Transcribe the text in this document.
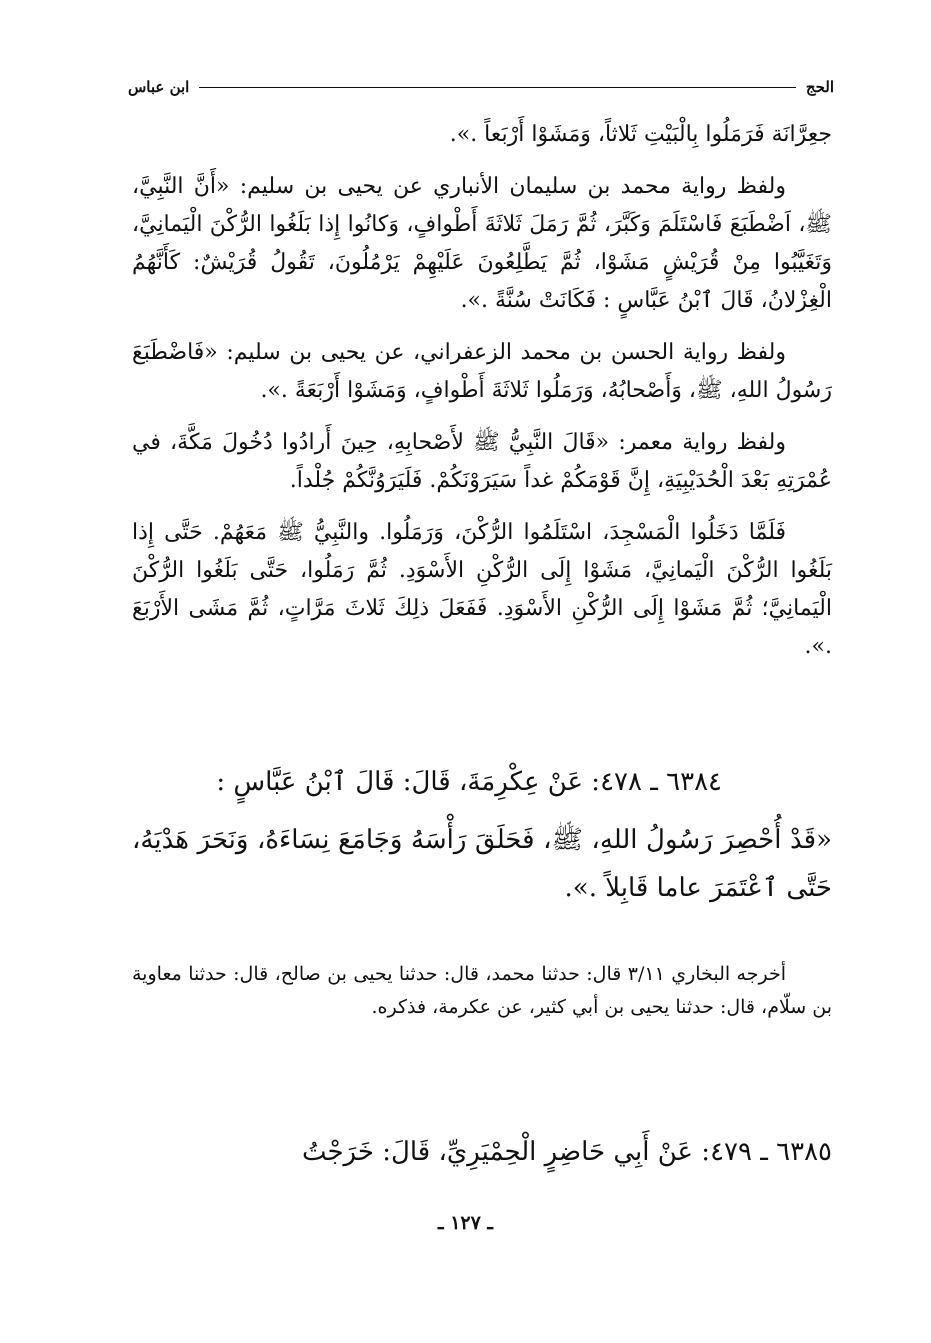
الحج
ابن عباس

جعِرَّانَة فَرَمَلُوا بِالْبَيْتِ ثَلاثاً، وَمَشَوْا أَرْبَعاً .».

ولفظ رواية محمد بن سليمان الأنباري عن يحيى بن سليم: «أَنَّ النَّبِيَّ، ﷺ، اَضْطَبَعَ فَاسْتَلَمَ وَكَبَّرَ، ثُمَّ رَمَلَ ثَلاثَةَ أَطْوافٍ، وَكانُوا إِذا بَلَغُوا الرُّكْنَ الْيَمانِيَّ، وَتَغَيَّبُوا مِنْ قُرَيْشٍ مَشَوْا، ثُمَّ يَطَّلِعُونَ عَلَيْهِمْ يَرْمُلُونَ، تَقُولُ قُرَيْشٌ: كَأَنَّهُمُ الْغِزْلانُ، قَالَ ٱبْنُ عَبَّاسٍ : فَكَانَتْ سُنَّةً .».

ولفظ رواية الحسن بن محمد الزعفراني، عن يحيى بن سليم: «فَاضْطَبَعَ رَسُولُ اللهِ، ﷺ، وَأَصْحابُهُ، وَرَمَلُوا ثَلاثَةَ أَطْوافٍ، وَمَشَوْا أَرْبَعَةً .».

ولفظ رواية معمر: «قَالَ النَّبِيُّ ﷺ لأَصْحابِهِ، حِينَ أَرادُوا دُخُولَ مَكَّةَ، في عُمْرَتِهِ بَعْدَ الْحُدَيْبِيَةِ، إِنَّ قَوْمَكُمْ غداً سَيَرَوْنَكُمْ. فَلَيَرَوُنَّكُمْ جُلْداً.

فَلَمَّا دَخَلُوا الْمَسْجِدَ، اسْتَلَمُوا الرُّكْنَ، وَرَمَلُوا. والنَّبِيُّ ﷺ مَعَهُمْ. حَتَّى إِذا بَلَغُوا الرُّكْنَ الْيَمانِيَّ، مَشَوْا إِلَى الرُّكْنِ الأَسْوَدِ. ثُمَّ رَمَلُوا، حَتَّى بَلَغُوا الرُّكْنَ الْيَمانِيَّ؛ ثُمَّ مَشَوْا إِلَى الرُّكْنِ الأَسْوَدِ. فَفَعَلَ ذلِكَ ثَلاثَ مَرَّاتٍ، ثُمَّ مَشَى الأَرْبَعَ .».

٦٣٨٤ ـ ٤٧٨: عَنْ عِكْرِمَةَ، قَالَ: قَالَ ٱبْنُ عَبَّاسٍ :

«قَدْ أُحْصِرَ رَسُولُ اللهِ، ﷺ، فَحَلَقَ رَأْسَهُ وَجَامَعَ نِسَاءَهُ، وَنَحَرَ هَدْيَهُ، حَتَّى ٱعْتَمَرَ عاما قَابِلاً .».

أخرجه البخاري ٣/١١ قال: حدثنا محمد، قال: حدثنا يحيى بن صالح، قال: حدثنا معاوية بن سلّام، قال: حدثنا يحيى بن أبي كثير، عن عكرمة، فذكره.

٦٣٨٥ ـ ٤٧٩: عَنْ أَبِي حَاضِرٍ الْحِمْيَرِيِّ، قَالَ: خَرَجْتُ

ـ ١٢٧ ـ
